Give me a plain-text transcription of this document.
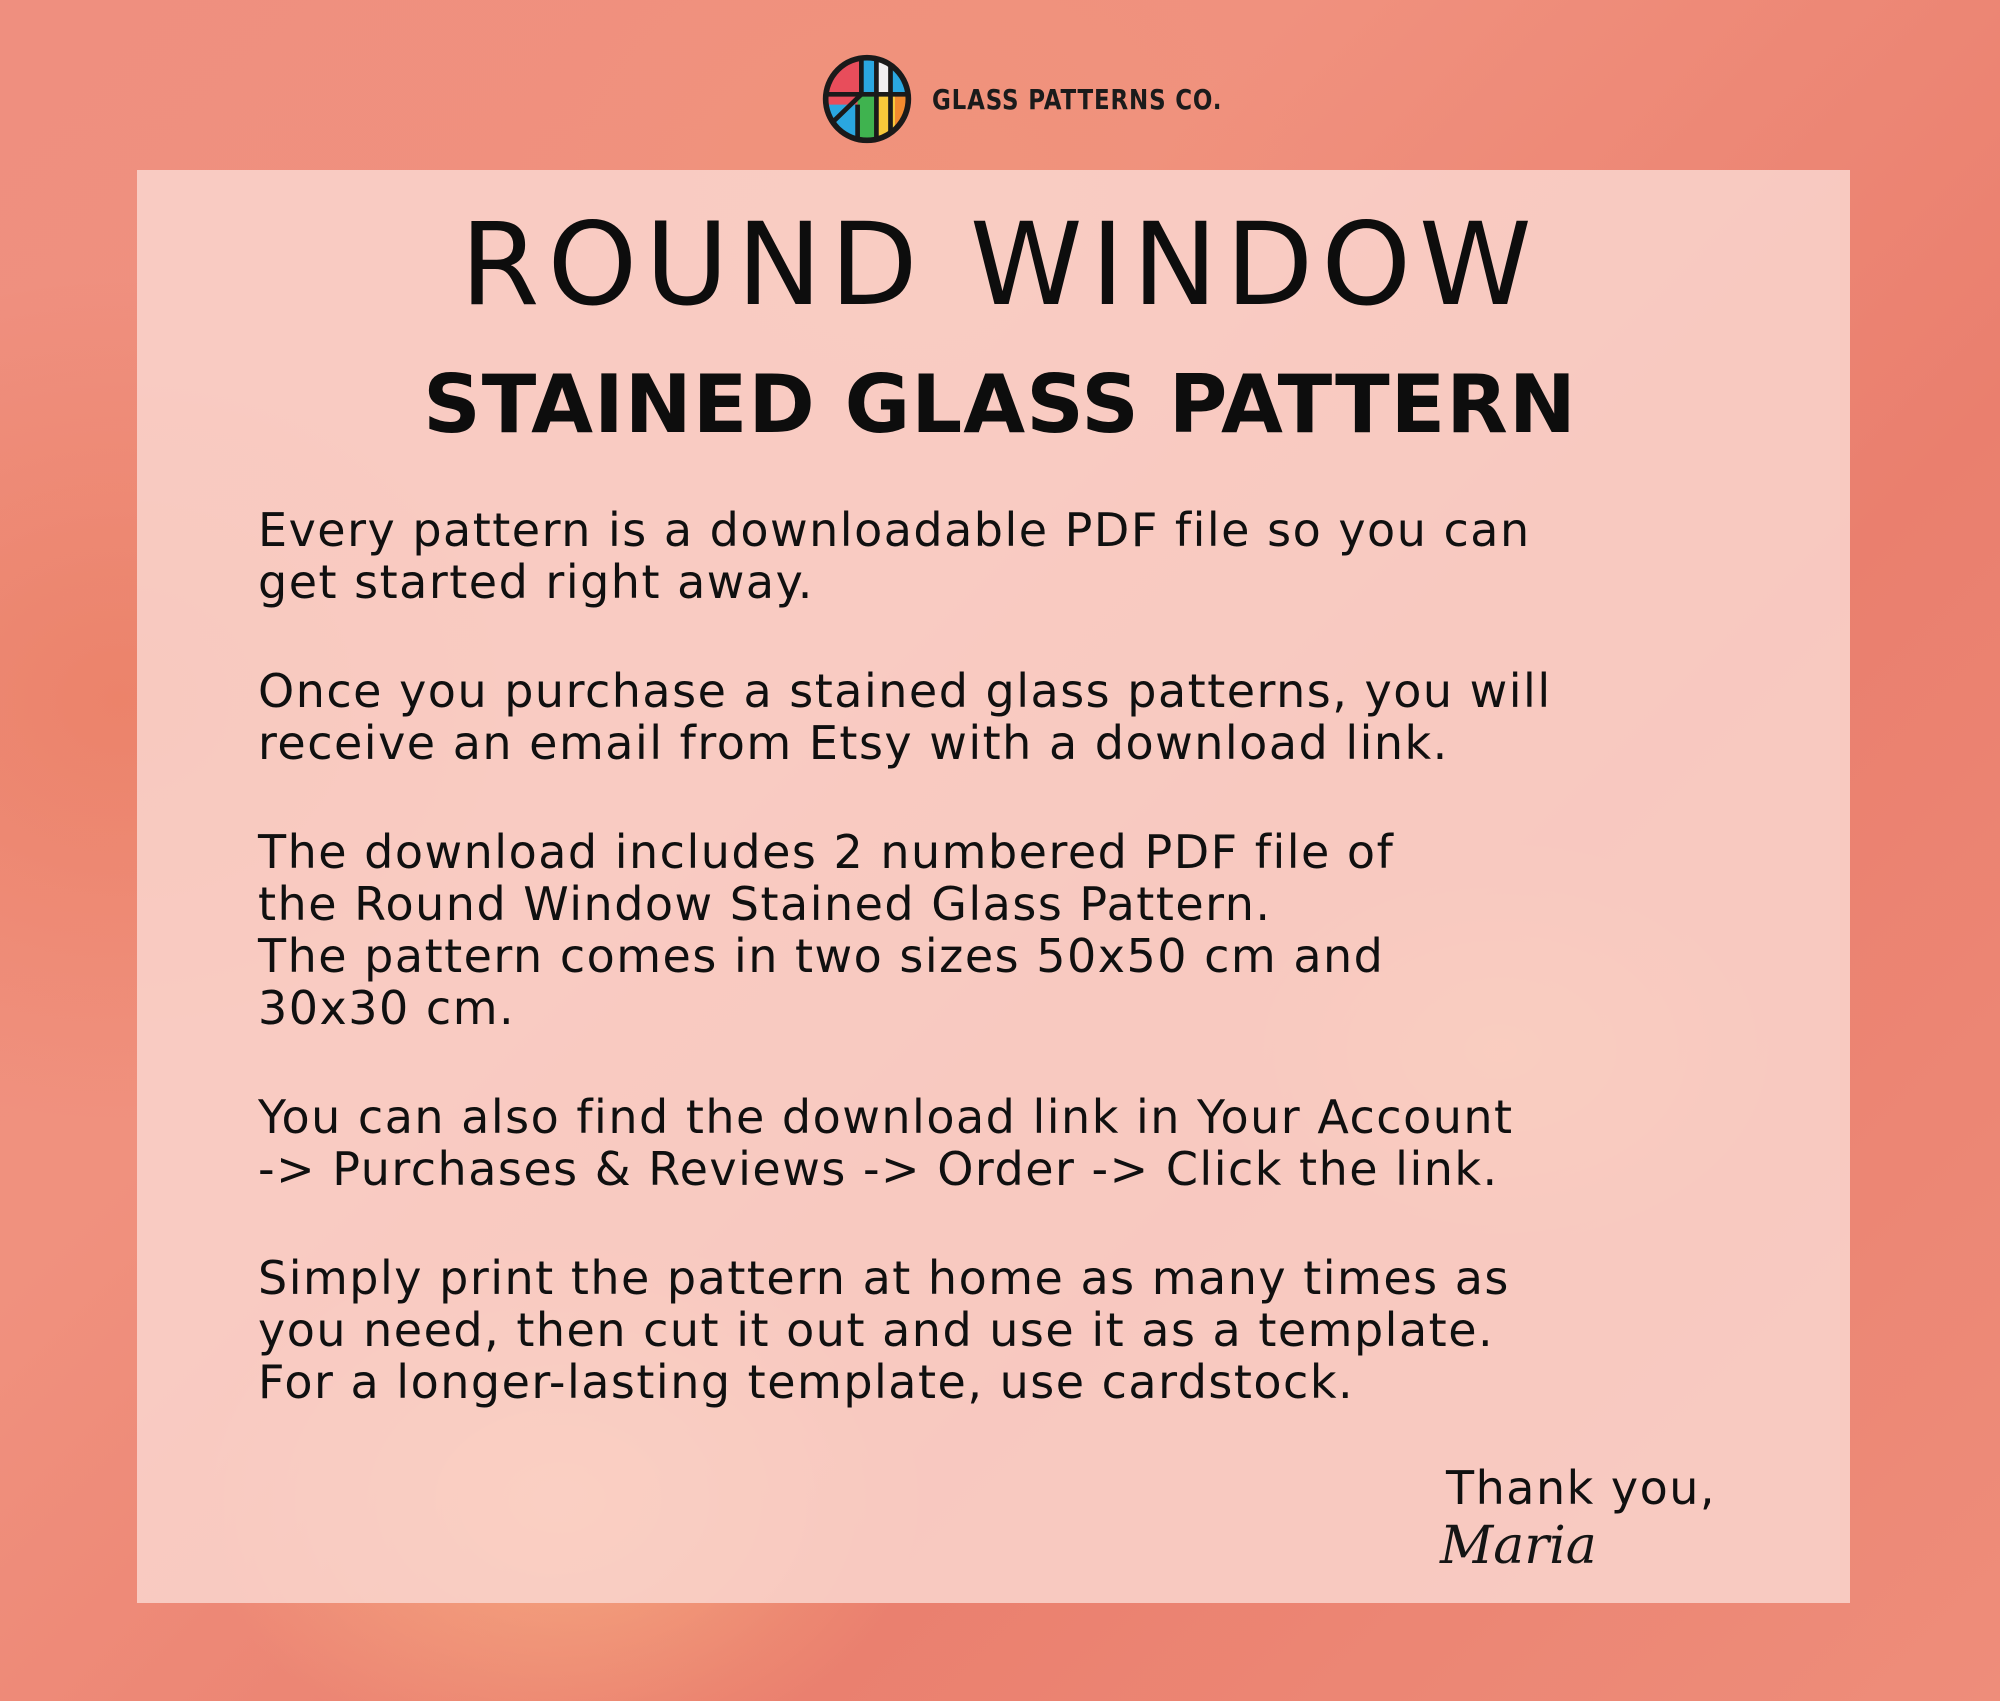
GLASS PATTERNS CO.
ROUND WINDOW
STAINED GLASS PATTERN

Every pattern is a downloadable PDF file so you can
get started right away.

Once you purchase a stained glass patterns, you will
receive an email from Etsy with a download link.

The download includes 2 numbered PDF file of
the Round Window Stained Glass Pattern.
The pattern comes in two sizes 50x50 cm and
30x30 cm.

You can also find the download link in Your Account
-> Purchases & Reviews -> Order -> Click the link.

Simply print the pattern at home as many times as
you need, then cut it out and use it as a template.
For a longer-lasting template, use cardstock.

Thank you,
Maria
